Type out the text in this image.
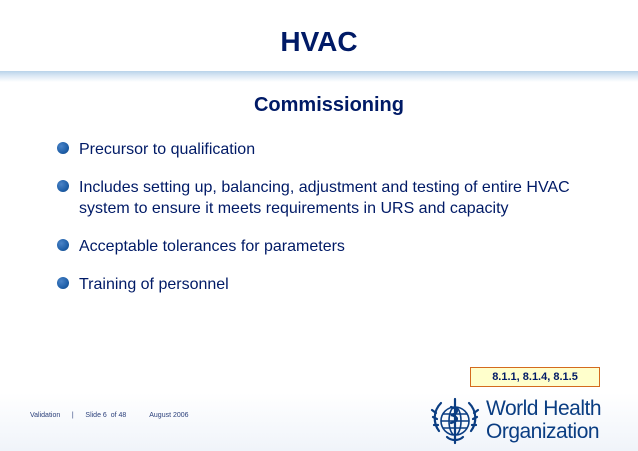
HVAC
Commissioning
Precursor to qualification
Includes setting up, balancing, adjustment and testing of entire HVAC system to ensure it meets requirements in URS and capacity
Acceptable tolerances for parameters
Training of personnel
8.1.1, 8.1.4, 8.1.5
Validation | Slide 6  of 48	August 2006	World Health
Organization
